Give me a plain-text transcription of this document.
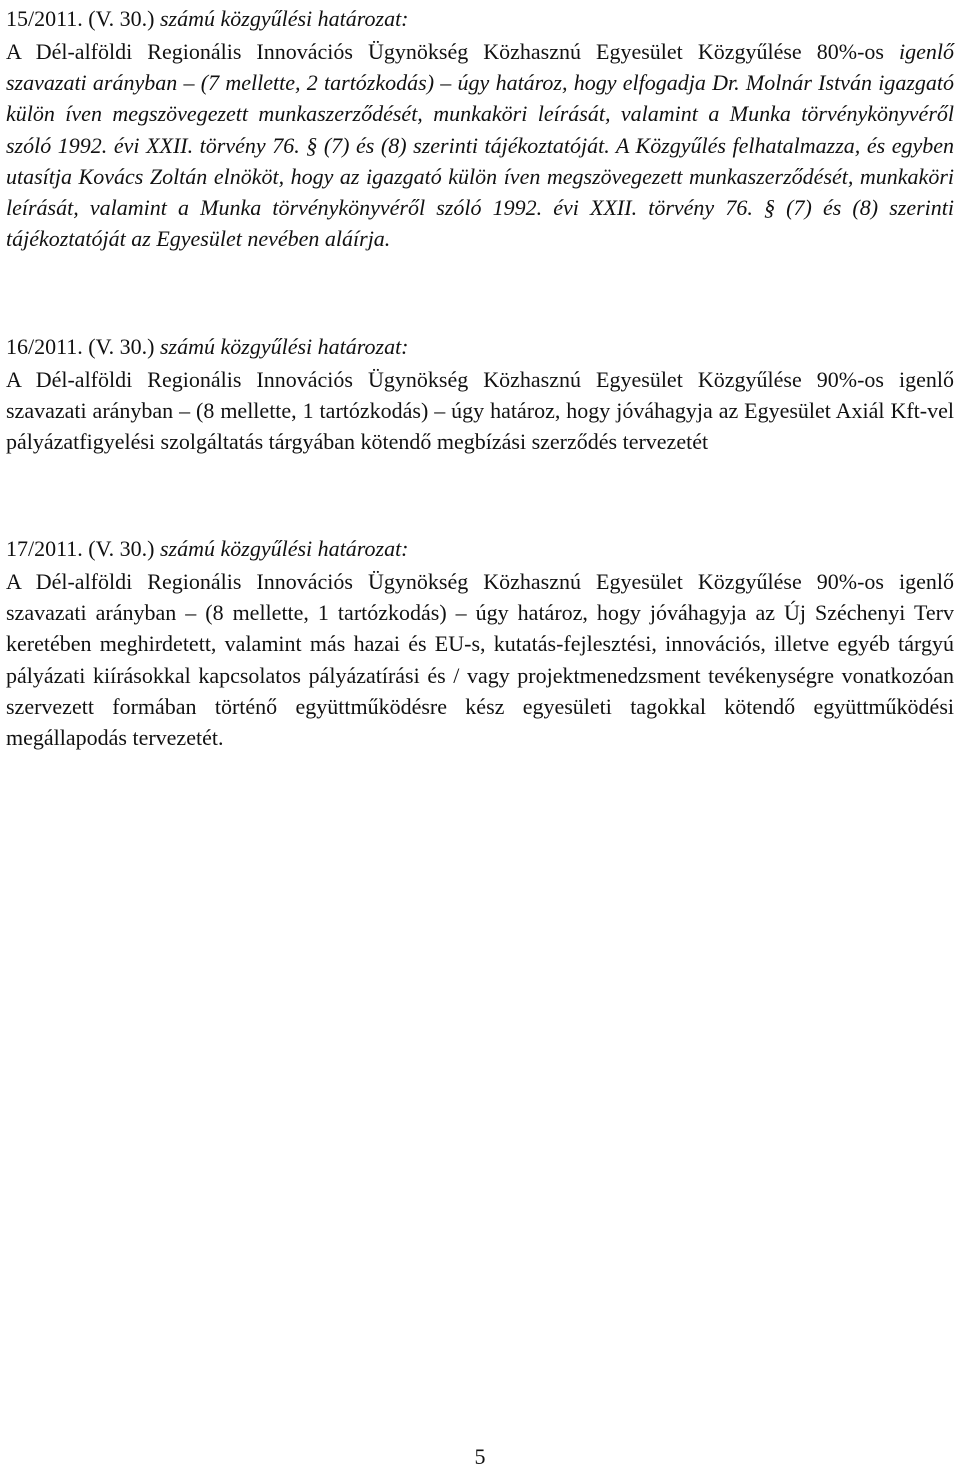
15/2011. (V. 30.) számú közgyűlési határozat:

A Dél-alföldi Regionális Innovációs Ügynökség Közhasznú Egyesület Közgyűlése 80%-os igenlő szavazati arányban – (7 mellette, 2 tartózkodás) – úgy határoz, hogy elfogadja Dr. Molnár István igazgató külön íven megszövegezett munkaszerződését, munkaköri leírását, valamint a Munka törvénykönyvéről szóló 1992. évi XXII. törvény 76. § (7) és (8) szerinti tájékoztatóját. A Közgyűlés felhatalmazza, és egyben utasítja Kovács Zoltán elnököt, hogy az igazgató külön íven megszövegezett munkaszerződését, munkaköri leírását, valamint a Munka törvénykönyvéről szóló 1992. évi XXII. törvény 76. § (7) és (8) szerinti tájékoztatóját az Egyesület nevében aláírja.

16/2011. (V. 30.) számú közgyűlési határozat:

A Dél-alföldi Regionális Innovációs Ügynökség Közhasznú Egyesület Közgyűlése 90%-os igenlő szavazati arányban – (8 mellette, 1 tartózkodás) – úgy határoz, hogy jóváhagyja az Egyesület Axiál Kft-vel pályázatfigyelési szolgáltatás tárgyában kötendő megbízási szerződés tervezetét

17/2011. (V. 30.) számú közgyűlési határozat:

A Dél-alföldi Regionális Innovációs Ügynökség Közhasznú Egyesület Közgyűlése 90%-os igenlő szavazati arányban – (8 mellette, 1 tartózkodás) – úgy határoz, hogy jóváhagyja az Új Széchenyi Terv keretében meghirdetett, valamint más hazai és EU-s, kutatás-fejlesztési, innovációs, illetve egyéb tárgyú pályázati kiírásokkal kapcsolatos pályázatírási és / vagy projektmenedzsment tevékenységre vonatkozóan szervezett formában történő együttműködésre kész egyesületi tagokkal kötendő együttműködési megállapodás tervezetét.

5
